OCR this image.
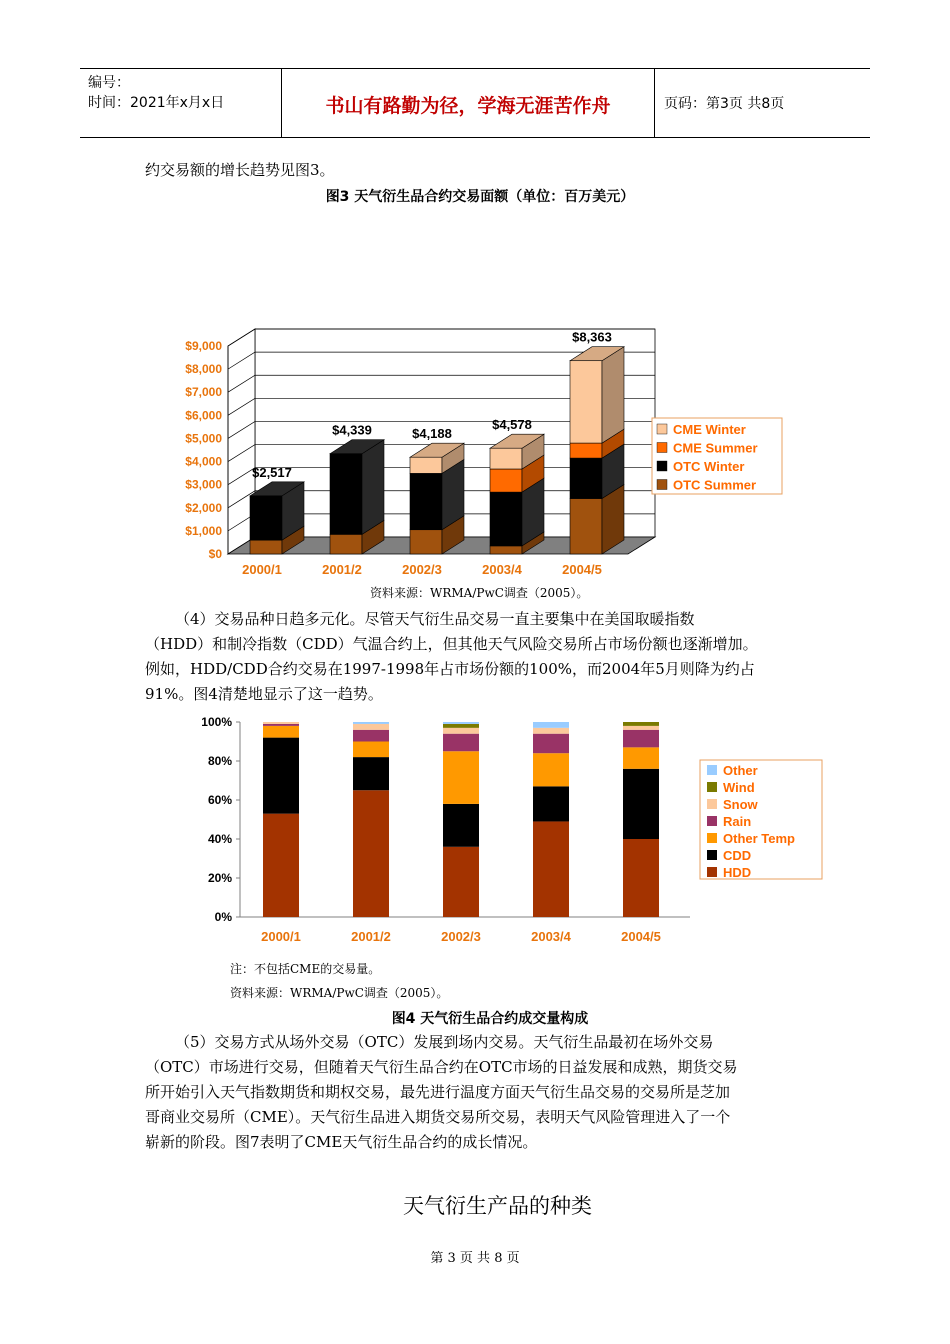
编号：
时间：2021年x月x日	书山有路勤为径，学海无涯苦作舟	页码：第3页 共8页
约交易额的增长趋势见图3。
图3 天气衍生品合约交易面额（单位：百万美元）
$0
$1,000
$2,000
$3,000
$4,000
$5,000
$6,000
$7,000
$8,000
$9,000
$2,517
2000/1
$4,339
2001/2
$4,188
2002/3
$4,578
2003/4
$8,363
2004/5
CME Winter
CME Summer
OTC Winter
OTC Summer
资料来源：WRMA/PwC调查（2005）。
（4）交易品种日趋多元化。尽管天气衍生品交易一直主要集中在美国取暖指数
（HDD）和制冷指数（CDD）气温合约上，但其他天气风险交易所占市场份额也逐渐增加。
例如，HDD/CDD合约交易在1997-1998年占市场份额的100%，而2004年5月则降为约占
91%。图4清楚地显示了这一趋势。
0%
20%
40%
60%
80%
100%
2000/1	2001/2	2002/3	2003/4	2004/5
Other
Wind
Snow
Rain
Other Temp
CDD
HDD
注：不包括CME的交易量。
资料来源：WRMA/PwC调查（2005）。
图4 天气衍生品合约成交量构成
（5）交易方式从场外交易（OTC）发展到场内交易。天气衍生品最初在场外交易
（OTC）市场进行交易，但随着天气衍生品合约在OTC市场的日益发展和成熟，期货交易
所开始引入天气指数期货和期权交易，最先进行温度方面天气衍生品交易的交易所是芝加
哥商业交易所（CME）。天气衍生品进入期货交易所交易，表明天气风险管理进入了一个
崭新的阶段。图7表明了CME天气衍生品合约的成长情况。
天气衍生产品的种类
第 3 页 共 8 页
